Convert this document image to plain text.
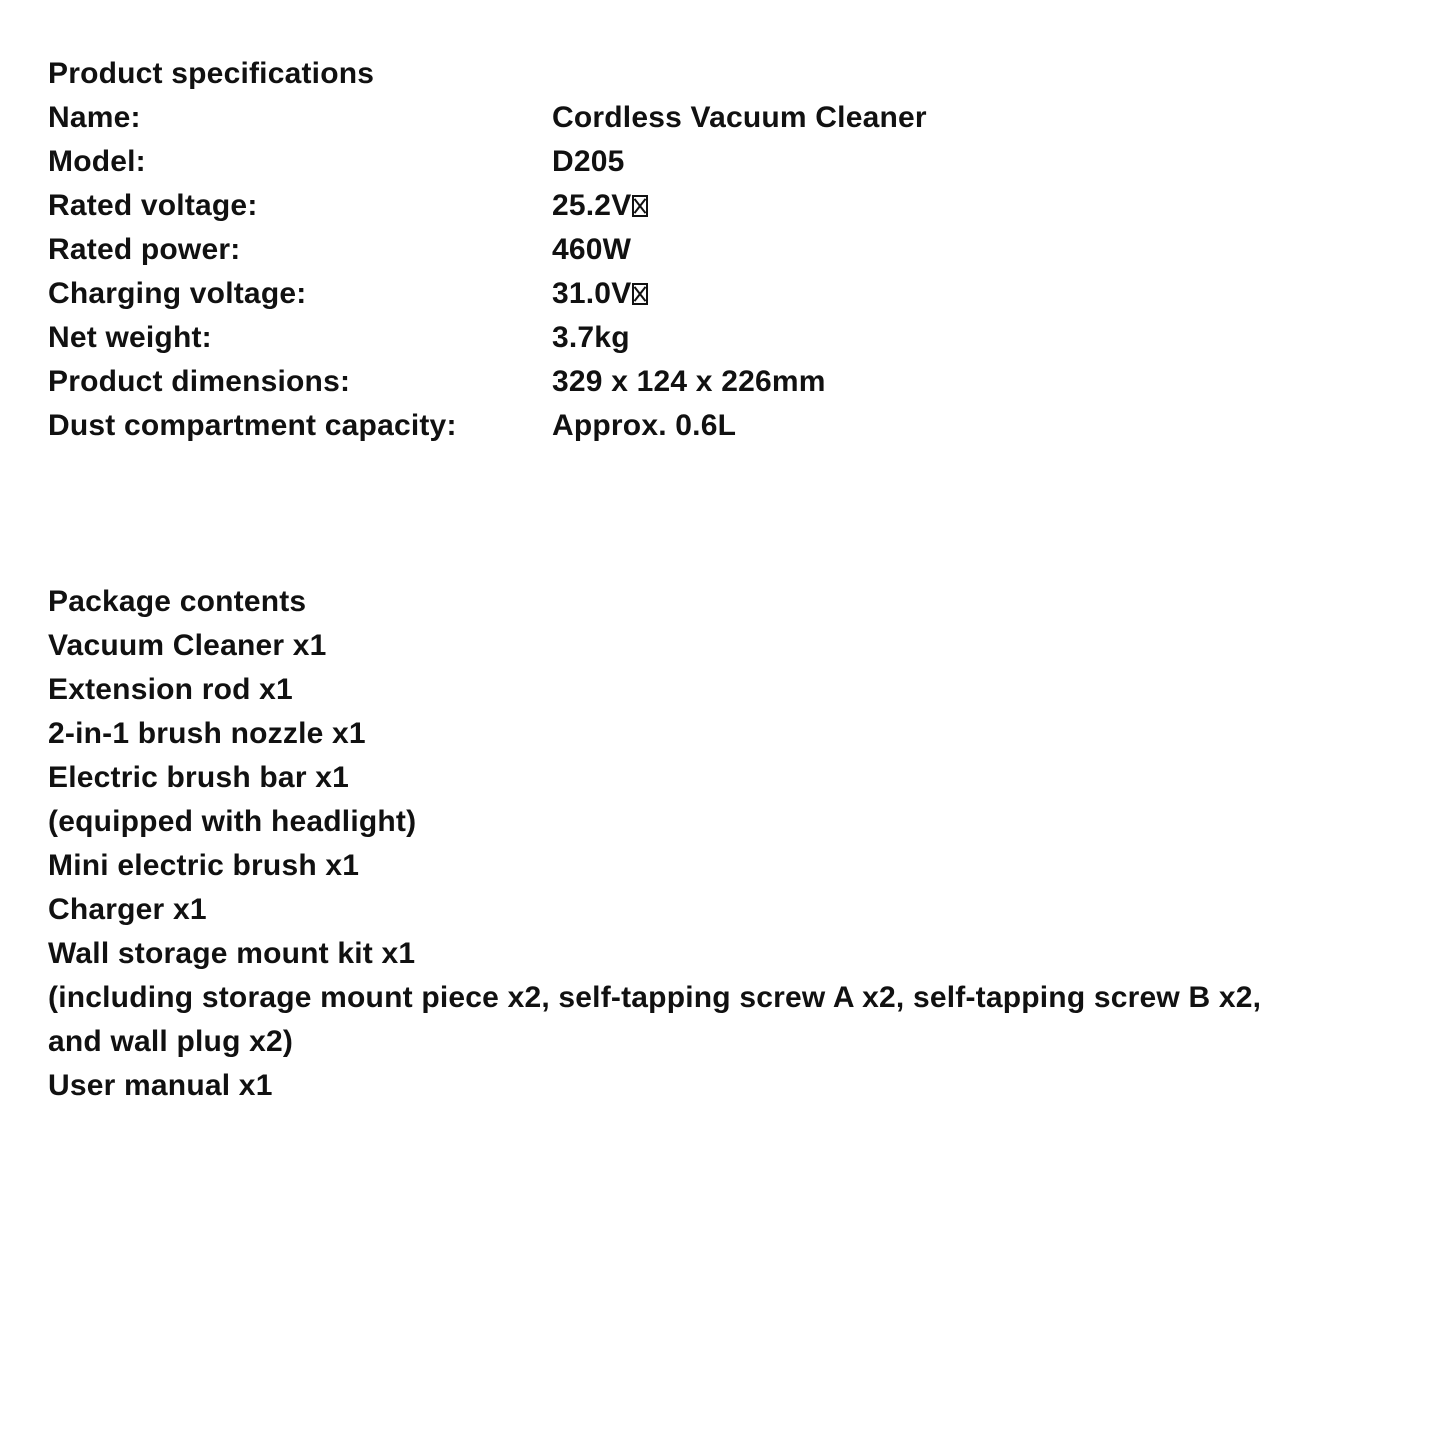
Product specifications
Name:	Cordless Vacuum Cleaner
Model:	D205
Rated voltage:	25.2V
Rated power:	460W
Charging voltage:	31.0V
Net weight:	3.7kg
Product dimensions:	329 x 124 x 226mm
Dust compartment capacity:	Approx. 0.6L
Package contents
Vacuum Cleaner x1
Extension rod x1
2-in-1 brush nozzle x1
Electric brush bar x1
(equipped with headlight)
Mini electric brush x1
Charger x1
Wall storage mount kit x1
(including storage mount piece x2, self-tapping screw A x2, self-tapping screw B x2,
and wall plug x2)
User manual x1
